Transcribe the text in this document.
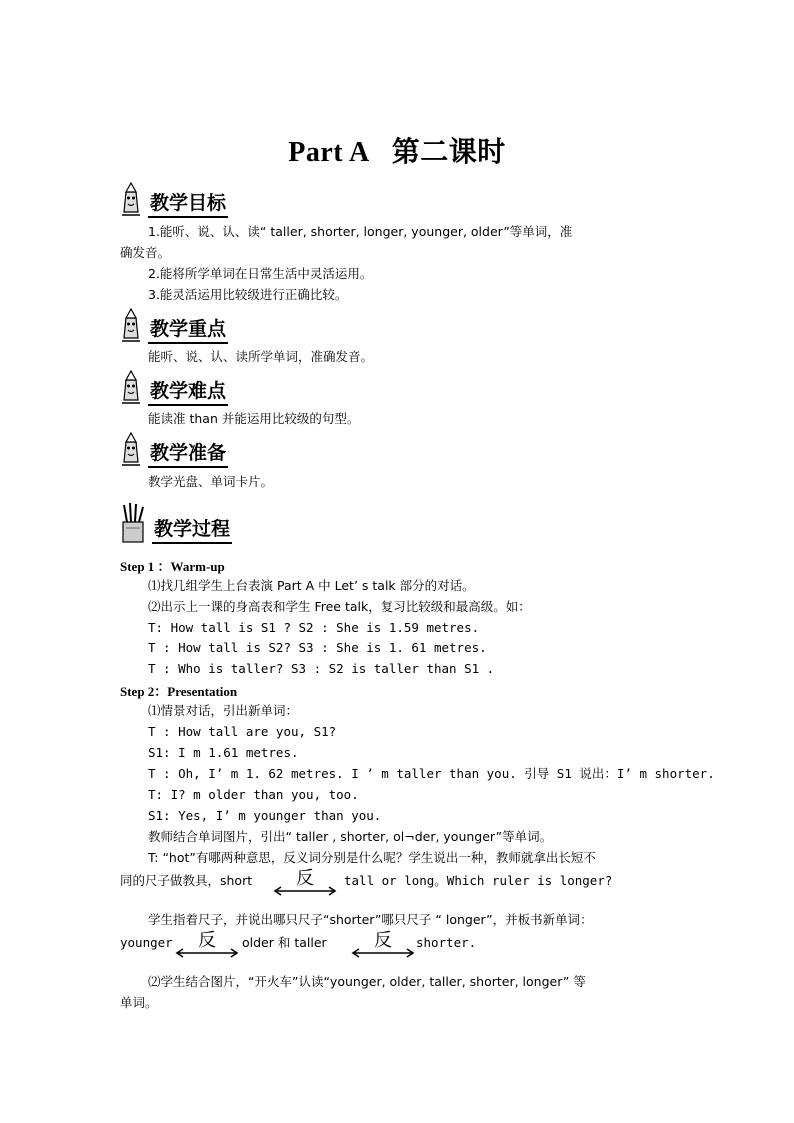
Part A 第二课时
教学目标
1.能听、说、认、读“ taller, shorter, longer, younger, older”等单词，准
确发音。
2.能将所学单词在日常生活中灵活运用。
3.能灵活运用比较级进行正确比较。
教学重点
能听、说、认、读所学单词，准确发音。
教学难点
能读准 than 并能运用比较级的句型。
教学准备
教学光盘、单词卡片。
教学过程
Step 1 ：Warm-up
⑴找几组学生上台表演 Part A 中 Let’ s talk 部分的对话。
⑵出示上一课的身高表和学生 Free talk，复习比较级和最高级。如：
T: How tall is S1 ? S2 : She is 1.59 metres.
T : How tall is S2? S3 : She is 1. 61 metres.
T : Who is taller? S3 : S2 is taller than S1 .
Step 2：Presentation
⑴情景对话，引出新单词：
T : How tall are you, S1?
S1: I m 1.61 metres.
T : Oh, I’ m 1. 62 metres. I ’ m taller than you. 引导 S1 说出：I’ m shorter.
T: I? m older than you, too.
S1: Yes, I’ m younger than you.
教师结合单词图片，引出“ taller , shorter, ol¬der, younger”等单词。
T: “hot”有哪两种意思，反义词分别是什么呢？学生说出一种，教师就拿出长短不
同的尺子做教具，short	反	tall or long。Which ruler is longer?
学生指着尺子，并说出哪只尺子“shorter”哪只尺子 “ longer”，并板书新单词：
younger	反	older 和 taller	反	shorter.
⑵学生结合图片，“开火车”认读“younger, older, taller, shorter, longer” 等
单词。
